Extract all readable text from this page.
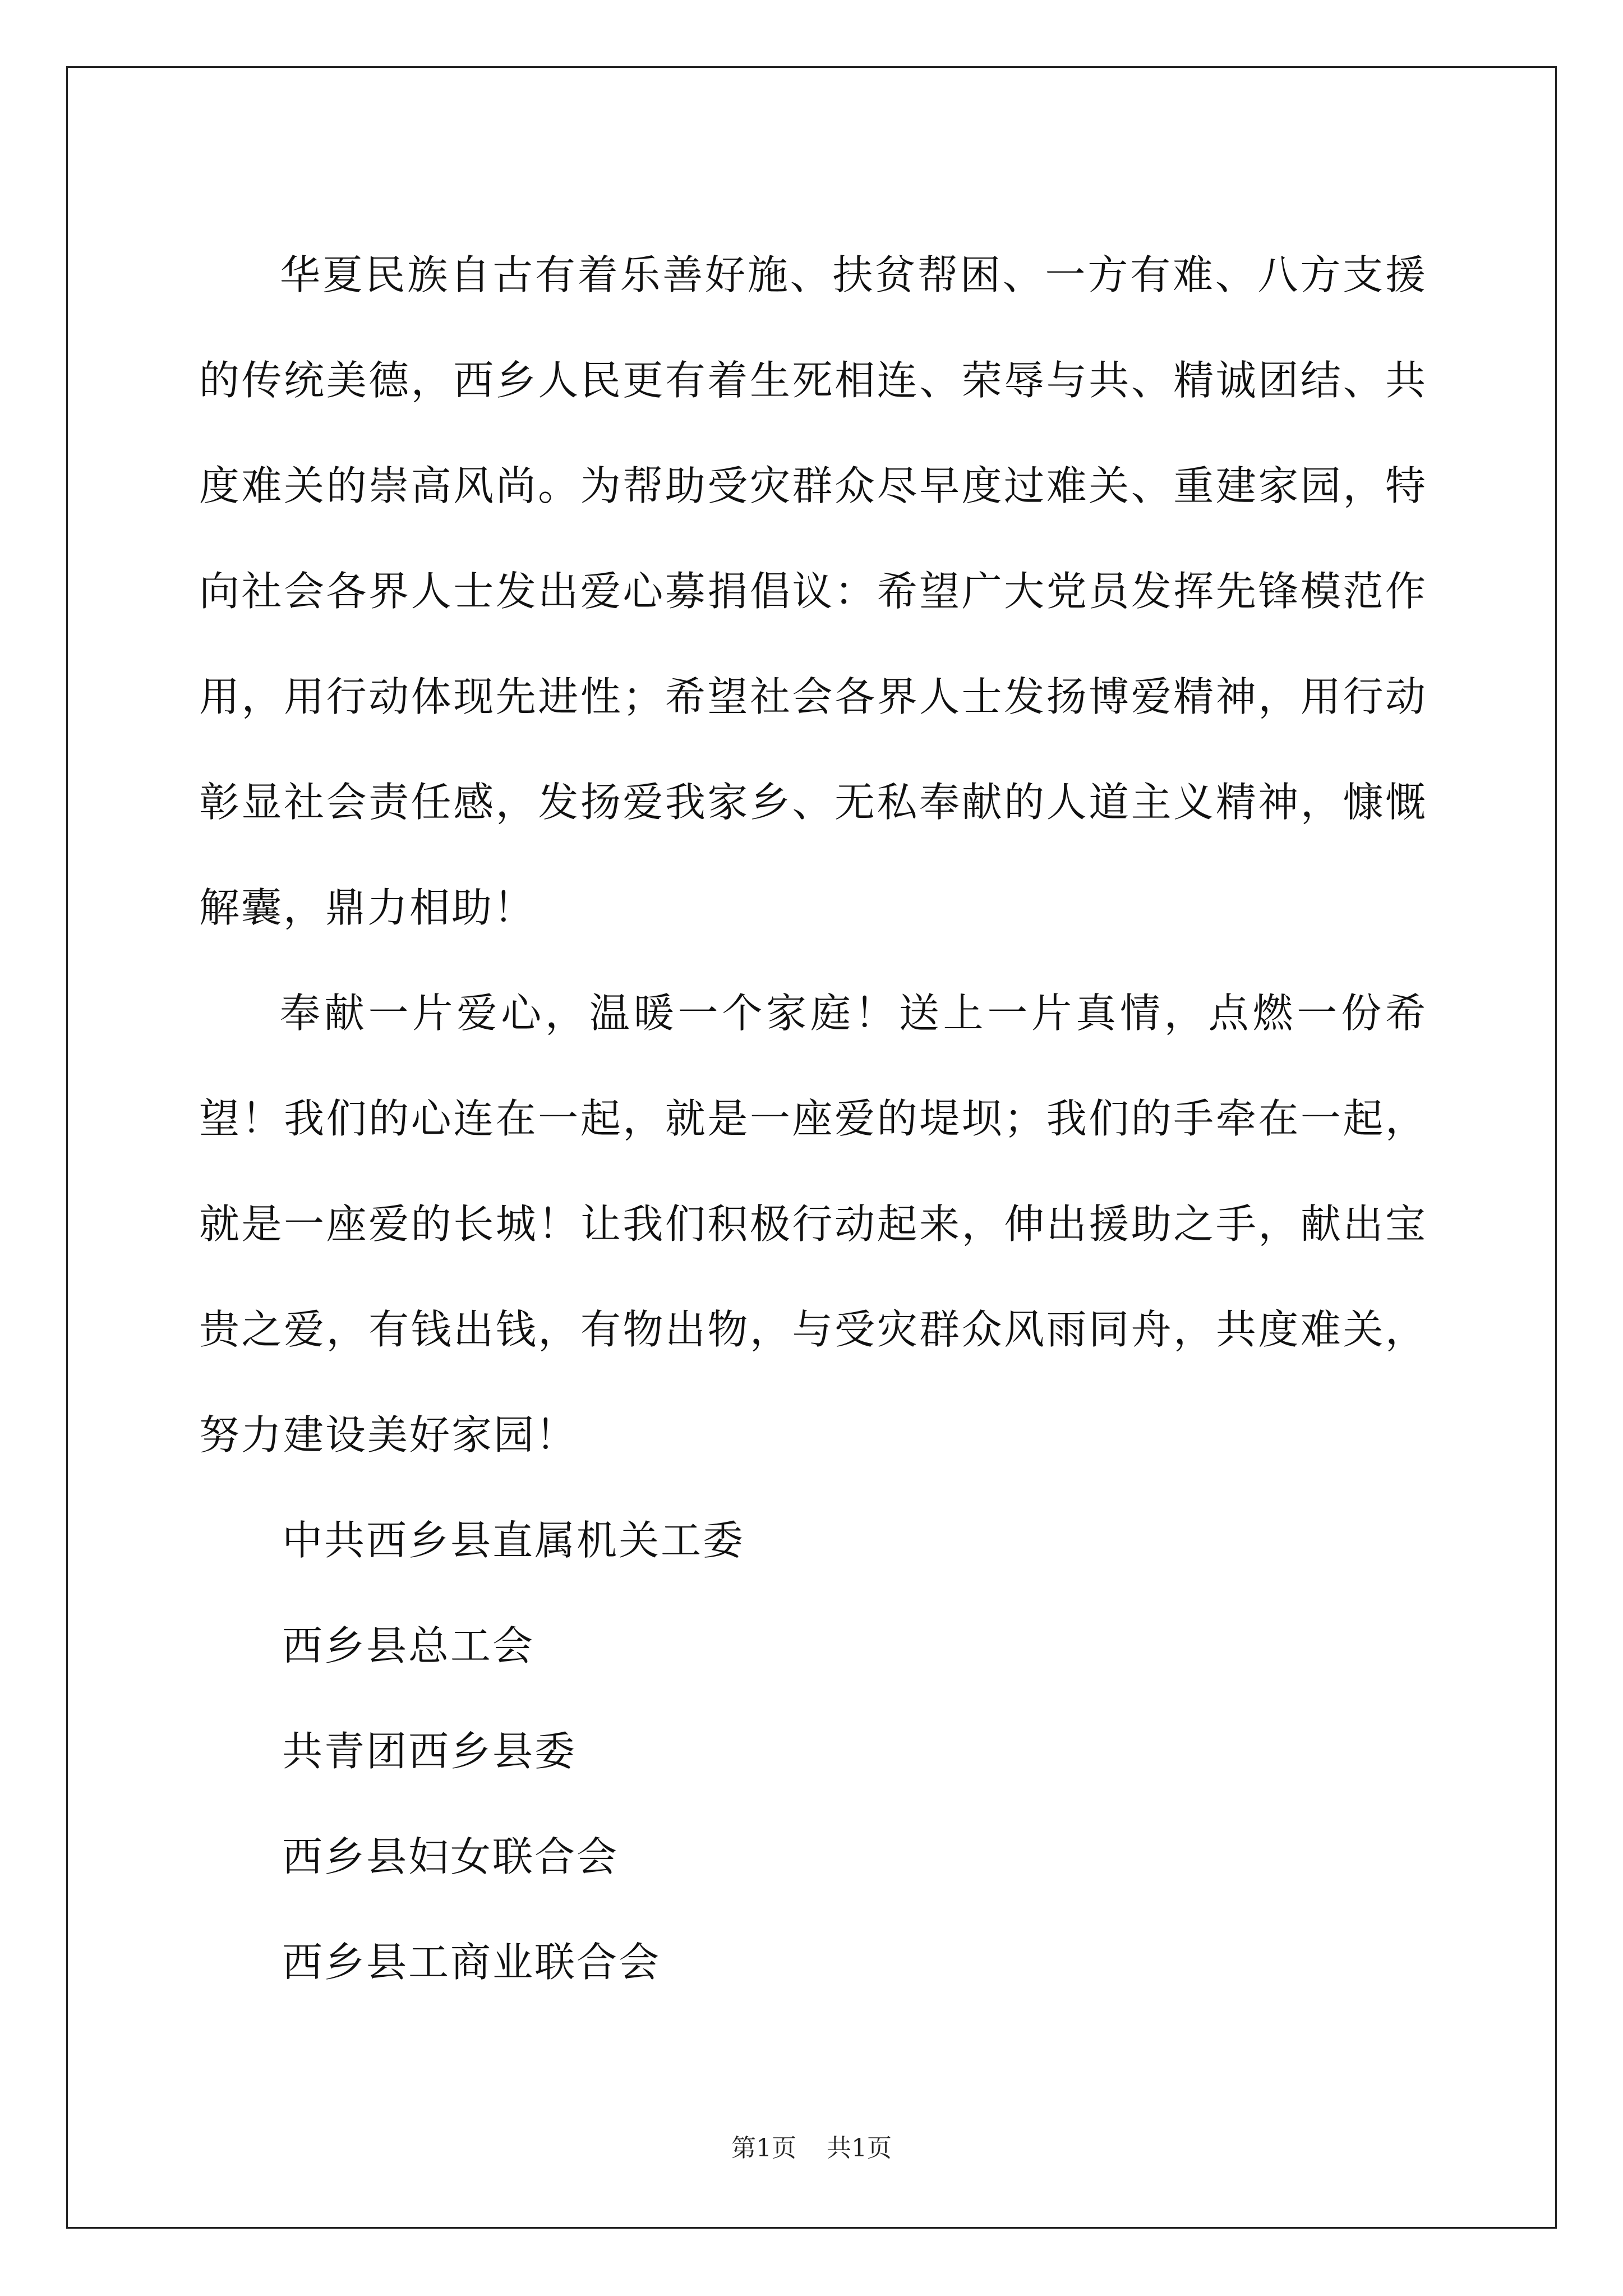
华夏民族自古有着乐善好施、扶贫帮困、一方有难、八方支援的传统美德，西乡人民更有着生死相连、荣辱与共、精诚团结、共度难关的崇高风尚。为帮助受灾群众尽早度过难关、重建家园，特向社会各界人士发出爱心募捐倡议：希望广大党员发挥先锋模范作用，用行动体现先进性；希望社会各界人士发扬博爱精神，用行动彰显社会责任感，发扬爱我家乡、无私奉献的人道主义精神，慷慨解囊，鼎力相助！

奉献一片爱心，温暖一个家庭！送上一片真情，点燃一份希望！我们的心连在一起，就是一座爱的堤坝；我们的手牵在一起，就是一座爱的长城！让我们积极行动起来，伸出援助之手，献出宝贵之爱，有钱出钱，有物出物，与受灾群众风雨同舟，共度难关，努力建设美好家园！

中共西乡县直属机关工委
西乡县总工会
共青团西乡县委
西乡县妇女联合会
西乡县工商业联合会
第1页 共1页
